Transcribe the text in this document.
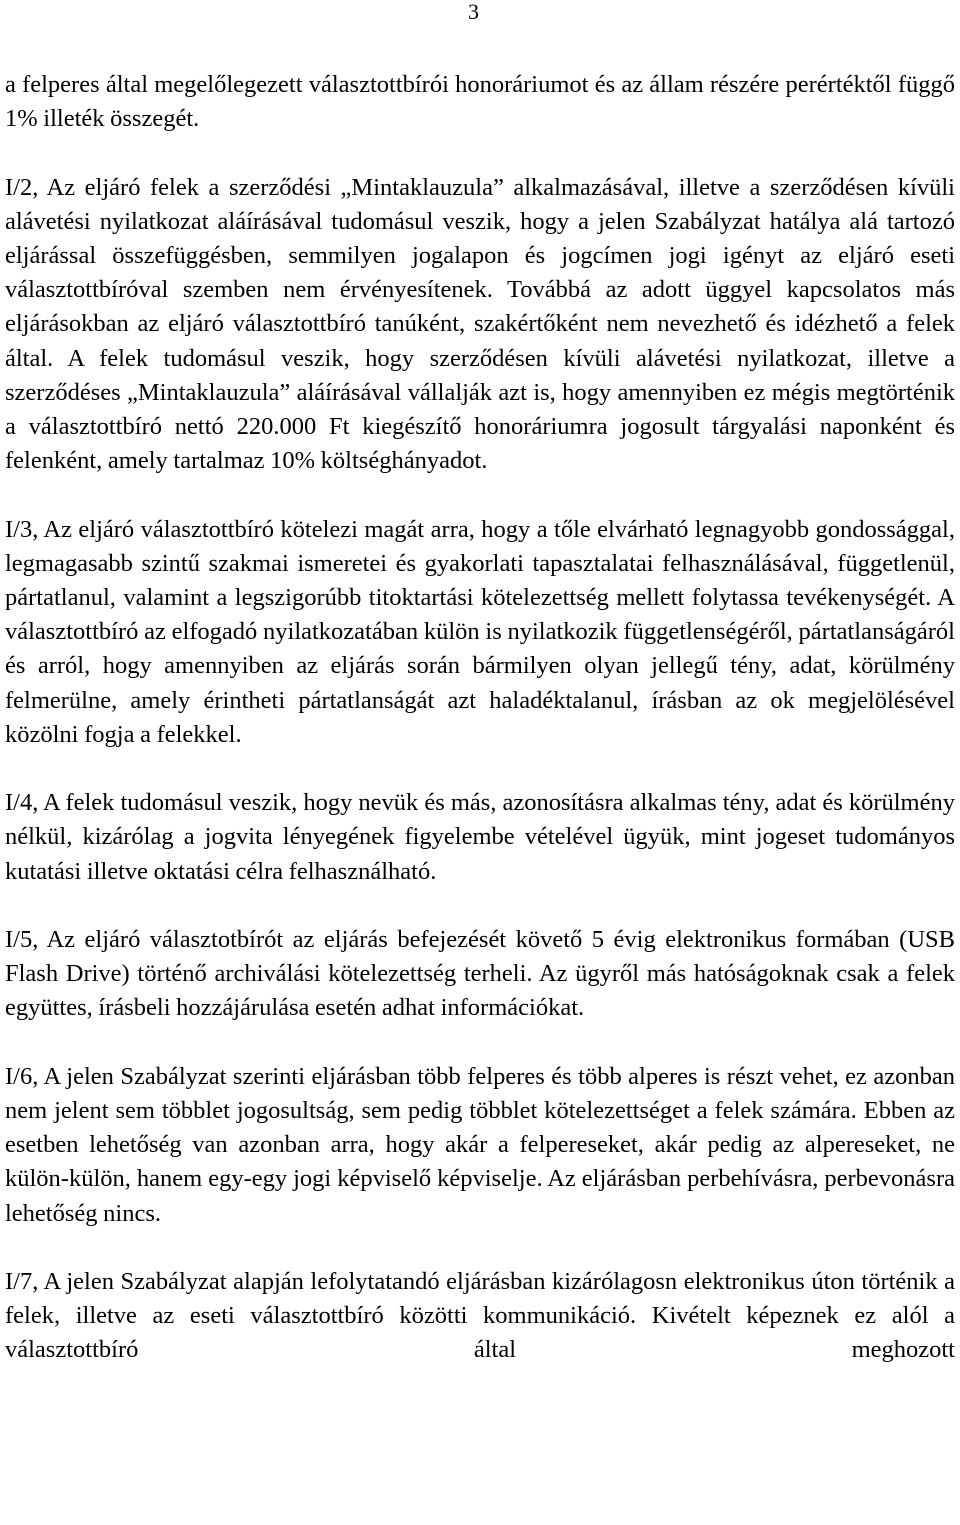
3

a felperes által megelőlegezett választottbírói honoráriumot és az állam részére perértéktől függő 1% illeték összegét.

I/2, Az eljáró felek a szerződési „Mintaklauzula” alkalmazásával, illetve a szerződésen kívüli alávetési nyilatkozat aláírásával tudomásul veszik, hogy a jelen Szabályzat hatálya alá tartozó eljárással összefüggésben, semmilyen jogalapon és jogcímen jogi igényt az eljáró eseti választottbíróval szemben nem érvényesítenek. Továbbá az adott üggyel kapcsolatos más eljárásokban az eljáró választottbíró tanúként, szakértőként nem nevezhető és idézhető a felek által. A felek tudomásul veszik, hogy szerződésen kívüli alávetési nyilatkozat, illetve a szerződéses „Mintaklauzula” aláírásával vállalják azt is, hogy amennyiben ez mégis megtörténik a választottbíró nettó 220.000 Ft kiegészítő honoráriumra jogosult tárgyalási naponként és felenként, amely tartalmaz 10% költséghányadot.

I/3, Az eljáró választottbíró kötelezi magát arra, hogy a tőle elvárható legnagyobb gondossággal, legmagasabb szintű szakmai ismeretei és gyakorlati tapasztalatai felhasználásával, függetlenül, pártatlanul, valamint a legszigorúbb titoktartási kötelezettség mellett folytassa tevékenységét. A választottbíró az elfogadó nyilatkozatában külön is nyilatkozik függetlenségéről, pártatlanságáról és arról, hogy amennyiben az eljárás során bármilyen olyan jellegű tény, adat, körülmény felmerülne, amely érintheti pártatlanságát azt haladéktalanul, írásban az ok megjelölésével közölni fogja a felekkel.

I/4, A felek tudomásul veszik, hogy nevük és más, azonosításra alkalmas tény, adat és körülmény nélkül, kizárólag a jogvita lényegének figyelembe vételével ügyük, mint jogeset tudományos kutatási illetve oktatási célra felhasználható.

I/5, Az eljáró választotbírót az eljárás befejezését követő 5 évig elektronikus formában (USB Flash Drive) történő archiválási kötelezettség terheli. Az ügyről más hatóságoknak csak a felek együttes, írásbeli hozzájárulása esetén adhat információkat.

I/6, A jelen Szabályzat szerinti eljárásban több felperes és több alperes is részt vehet, ez azonban nem jelent sem többlet jogosultság, sem pedig többlet kötelezettséget a felek számára. Ebben az esetben lehetőség van azonban arra, hogy akár a felpereseket, akár pedig az alpereseket, ne külön-külön, hanem egy-egy jogi képviselő képviselje. Az eljárásban perbehívásra, perbevonásra lehetőség nincs.

I/7, A jelen Szabályzat alapján lefolytatandó eljárásban kizárólagosn elektronikus úton történik a felek, illetve az eseti választottbíró közötti kommunikáció. Kivételt képeznek ez alól a választottbíró által meghozott
